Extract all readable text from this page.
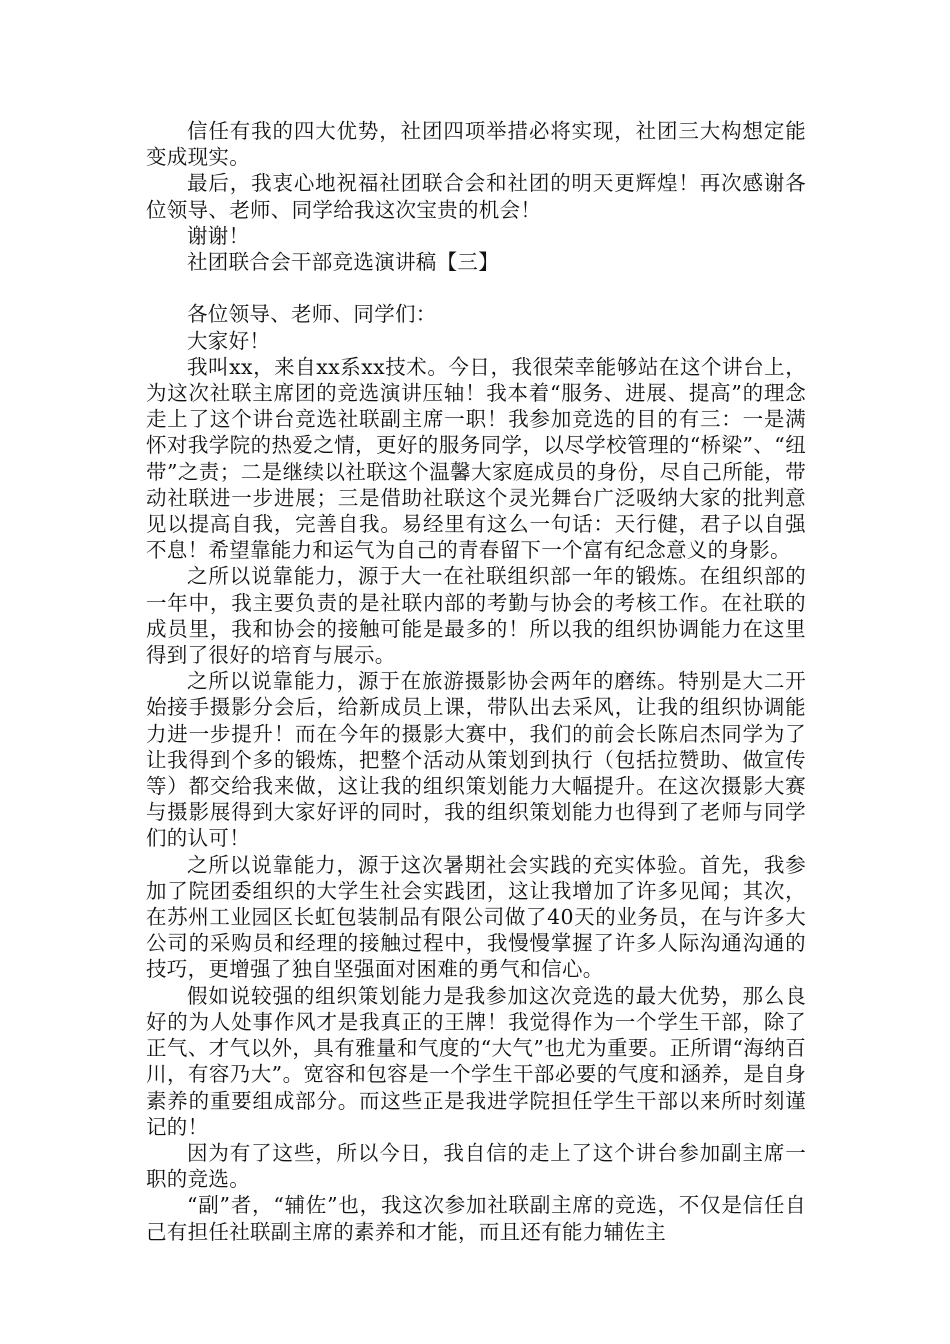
信任有我的四大优势，社团四项举措必将实现，社团三大构想定能变成现实。

最后，我衷心地祝福社团联合会和社团的明天更辉煌！再次感谢各位领导、老师、同学给我这次宝贵的机会！

谢谢！

社团联合会干部竞选演讲稿【三】

各位领导、老师、同学们：

大家好！

我叫xx，来自xx系xx技术。今日，我很荣幸能够站在这个讲台上，为这次社联主席团的竞选演讲压轴！我本着“服务、进展、提高”的理念走上了这个讲台竞选社联副主席一职！我参加竞选的目的有三：一是满怀对我学院的热爱之情，更好的服务同学，以尽学校管理的“桥梁”、“纽带”之责；二是继续以社联这个温馨大家庭成员的身份，尽自己所能，带动社联进一步进展；三是借助社联这个灵光舞台广泛吸纳大家的批判意见以提高自我，完善自我。易经里有这么一句话：天行健，君子以自强不息！希望靠能力和运气为自己的青春留下一个富有纪念意义的身影。

之所以说靠能力，源于大一在社联组织部一年的锻炼。在组织部的一年中，我主要负责的是社联内部的考勤与协会的考核工作。在社联的成员里，我和协会的接触可能是最多的！所以我的组织协调能力在这里得到了很好的培育与展示。

之所以说靠能力，源于在旅游摄影协会两年的磨练。特别是大二开始接手摄影分会后，给新成员上课，带队出去采风，让我的组织协调能力进一步提升！而在今年的摄影大赛中，我们的前会长陈启杰同学为了让我得到个多的锻炼，把整个活动从策划到执行（包括拉赞助、做宣传等）都交给我来做，这让我的组织策划能力大幅提升。在这次摄影大赛与摄影展得到大家好评的同时，我的组织策划能力也得到了老师与同学们的认可！

之所以说靠能力，源于这次暑期社会实践的充实体验。首先，我参加了院团委组织的大学生社会实践团，这让我增加了许多见闻；其次，在苏州工业园区长虹包装制品有限公司做了40天的业务员，在与许多大公司的采购员和经理的接触过程中，我慢慢掌握了许多人际沟通沟通的技巧，更增强了独自坚强面对困难的勇气和信心。

假如说较强的组织策划能力是我参加这次竞选的最大优势，那么良好的为人处事作风才是我真正的王牌！我觉得作为一个学生干部，除了正气、才气以外，具有雅量和气度的“大气”也尤为重要。正所谓“海纳百川，有容乃大”。宽容和包容是一个学生干部必要的气度和涵养，是自身素养的重要组成部分。而这些正是我进学院担任学生干部以来所时刻谨记的！

因为有了这些，所以今日，我自信的走上了这个讲台参加副主席一职的竞选。

“副”者，“辅佐”也，我这次参加社联副主席的竞选，不仅是信任自己有担任社联副主席的素养和才能，而且还有能力辅佐主
